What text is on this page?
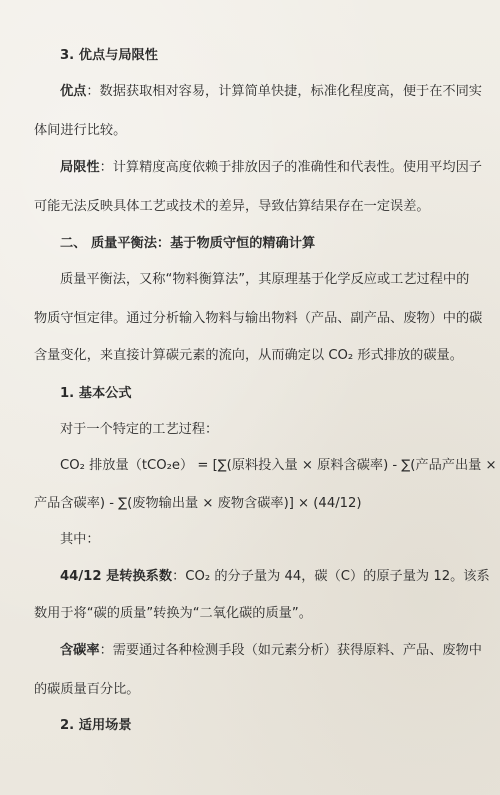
3. 优点与局限性

优点：数据获取相对容易，计算简单快捷，标准化程度高，便于在不同实

体间进行比较。

局限性：计算精度高度依赖于排放因子的准确性和代表性。使用平均因子

可能无法反映具体工艺或技术的差异，导致估算结果存在一定误差。

二、 质量平衡法：基于物质守恒的精确计算

质量平衡法，又称“物料衡算法”，其原理基于化学反应或工艺过程中的

物质守恒定律。通过分析输入物料与输出物料（产品、副产品、废物）中的碳

含量变化，来直接计算碳元素的流向，从而确定以 CO₂ 形式排放的碳量。

1. 基本公式

对于一个特定的工艺过程：

CO₂ 排放量（tCO₂e） = [∑(原料投入量 × 原料含碳率) - ∑(产品产出量 ×

产品含碳率) - ∑(废物输出量 × 废物含碳率)] × (44/12)

其中：

44/12 是转换系数：CO₂ 的分子量为 44，碳（C）的原子量为 12。该系

数用于将“碳的质量”转换为“二氧化碳的质量”。

含碳率：需要通过各种检测手段（如元素分析）获得原料、产品、废物中

的碳质量百分比。

2. 适用场景
